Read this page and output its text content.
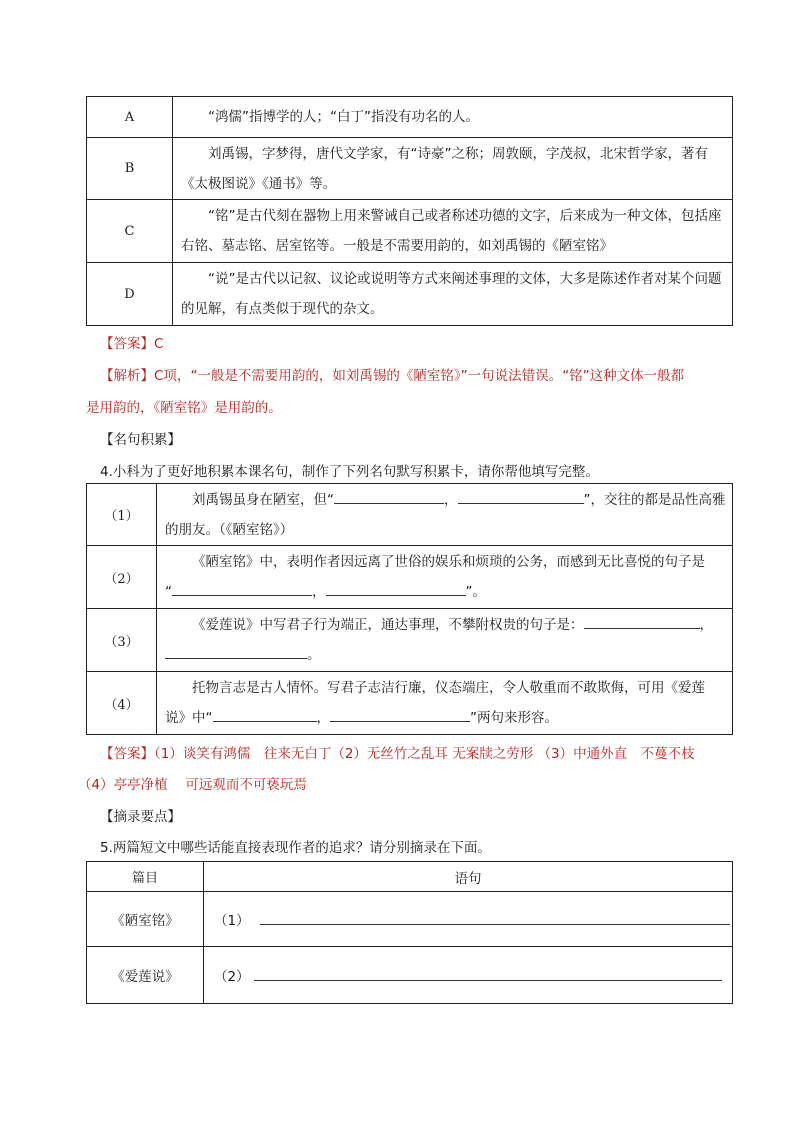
A	“鸿儒”指博学的人；“白丁”指没有功名的人。
B	刘禹锡，字梦得，唐代文学家，有“诗豪”之称；周敦颐，字茂叔，北宋哲学家，著有《太极图说》《通书》等。
C	“铭”是古代刻在器物上用来警诫自己或者称述功德的文字，后来成为一种文体，包括座右铭、墓志铭、居室铭等。一般是不需要用韵的，如刘禹锡的《陋室铭》
D	“说”是古代以记叙、议论或说明等方式来阐述事理的文体，大多是陈述作者对某个问题的见解，有点类似于现代的杂文。
【答案】C

【解析】C项，“一般是不需要用韵的，如刘禹锡的《陋室铭》”一句说法错误。“铭”这种文体一般都

是用韵的，《陋室铭》是用韵的。
【名句积累】
4.小科为了更好地积累本课名句，制作了下列名句默写积累卡，请你帮他填写完整。
（1）	刘禹锡虽身在陋室，但“ ， ”，交往的都是品性高雅
的朋友。（《陋室铭》）

（2）	《陋室铭》中，表明作者因远离了世俗的娱乐和烦琐的公务，而感到无比喜悦的句子是
“ ， ”。

（3）	《爱莲说》中写君子行为端正，通达事理，不攀附权贵的句子是： ，
。

（4）	托物言志是古人情怀。写君子志洁行廉，仪态端庄，令人敬重而不敢欺侮，可用《爱莲
说》中“ ， ”两句来形容。
【答案】（1）谈笑有鸿儒　往来无白丁（2）无丝竹之乱耳 无案牍之劳形 （3）中通外直　不蔓不枝
（4）亭亭净植　 可远观而不可亵玩焉
【摘录要点】
5.两篇短文中哪些话能直接表现作者的追求？请分别摘录在下面。
篇目	语句
《陋室铭》	（1）
《爱莲说》	（2）
